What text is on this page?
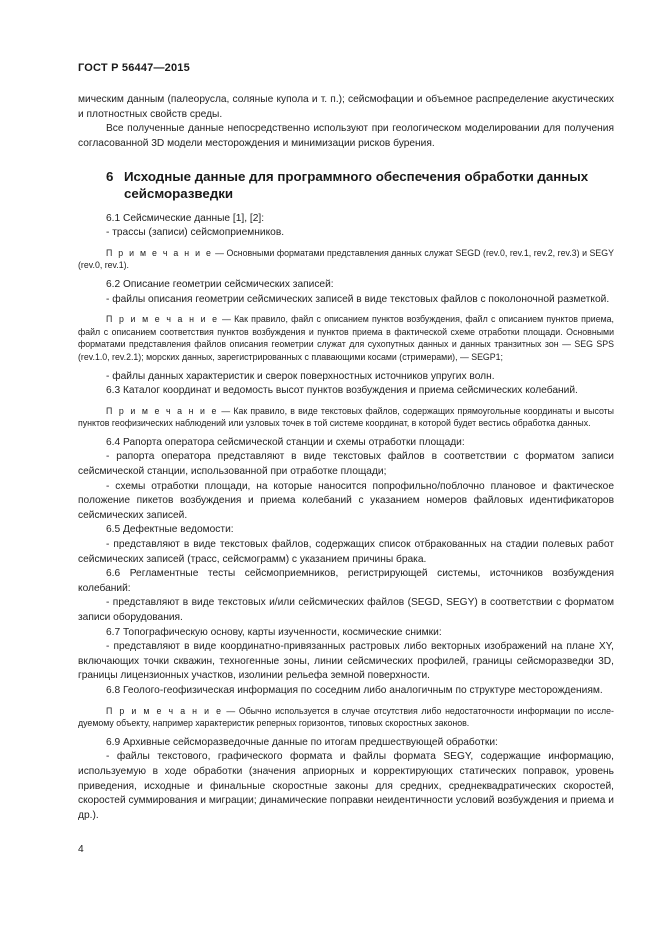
ГОСТ Р 56447—2015

мическим данным (палеорусла, соляные купола и т. п.); сейсмофации и объемное распределение акустических и плотностных свойств среды.

Все полученные данные непосредственно используют при геологическом моделировании для получения согласованной 3D модели месторождения и минимизации рисков бурения.

6 Исходные данные для программного обеспечения обработки данных сейсморазведки

6.1 Сейсмические данные [1], [2]:

- трассы (записи) сейсмоприемников.

П р и м е ч а н и е — Основными форматами представления данных служат SEGD (rev.0, rev.1, rev.2, rev.3) и SEGY (rev.0, rev.1).

6.2 Описание геометрии сейсмических записей:

- файлы описания геометрии сейсмических записей в виде текстовых файлов с поколоночной разметкой.

П р и м е ч а н и е — Как правило, файл с описанием пунктов возбуждения, файл с описанием пунктов приема, файл с описанием соответствия пунктов возбуждения и пунктов приема в фактической схеме отработки площади. Основными форматами представления файлов описания геометрии служат для сухопутных данных и данных транзитных зон — SEG SPS (rev.1.0, rev.2.1); морских данных, зарегистрированных с плавающими косами (стримерами), — SEGP1;

- файлы данных характеристик и сверок поверхностных источников упругих волн.

6.3 Каталог координат и ведомость высот пунктов возбуждения и приема сейсмических колебаний.

П р и м е ч а н и е — Как правило, в виде текстовых файлов, содержащих прямоугольные координаты и высоты пунктов геофизических наблюдений или узловых точек в той системе координат, в которой будет вестись обработка данных.

6.4 Рапорта оператора сейсмической станции и схемы отработки площади:

- рапорта оператора представляют в виде текстовых файлов в соответствии с форматом записи сейсмической станции, использованной при отработке площади;

- схемы отработки площади, на которые наносится попрофильно/поблочно плановое и фактическое положение пикетов возбуждения и приема колебаний с указанием номеров файловых идентификаторов сейсмических записей.

6.5 Дефектные ведомости:

- представляют в виде текстовых файлов, содержащих список отбракованных на стадии полевых работ сейсмических записей (трасс, сейсмограмм) с указанием причины брака.

6.6 Регламентные тесты сейсмоприемников, регистрирующей системы, источников возбуждения колебаний:

- представляют в виде текстовых и/или сейсмических файлов (SEGD, SEGY) в соответствии с форматом записи оборудования.

6.7 Топографическую основу, карты изученности, космические снимки:

- представляют в виде координатно-привязанных растровых либо векторных изображений на плане XY, включающих точки скважин, техногенные зоны, линии сейсмических профилей, границы сейсморазведки 3D, границы лицензионных участков, изолинии рельефа земной поверхности.

6.8 Геолого-геофизическая информация по соседним либо аналогичным по структуре месторождениям.

П р и м е ч а н и е — Обычно используется в случае отсутствия либо недостаточности информации по исследуемому объекту, например характеристик реперных горизонтов, типовых скоростных законов.

6.9 Архивные сейсморазведочные данные по итогам предшествующей обработки:

- файлы текстового, графического формата и файлы формата SEGY, содержащие информацию, используемую в ходе обработки (значения априорных и корректирующих статических поправок, уровень приведения, исходные и финальные скоростные законы для средних, среднеквадратических скоростей, скоростей суммирования и миграции; динамические поправки неидентичности условий возбуждения и приема и др.).

4
